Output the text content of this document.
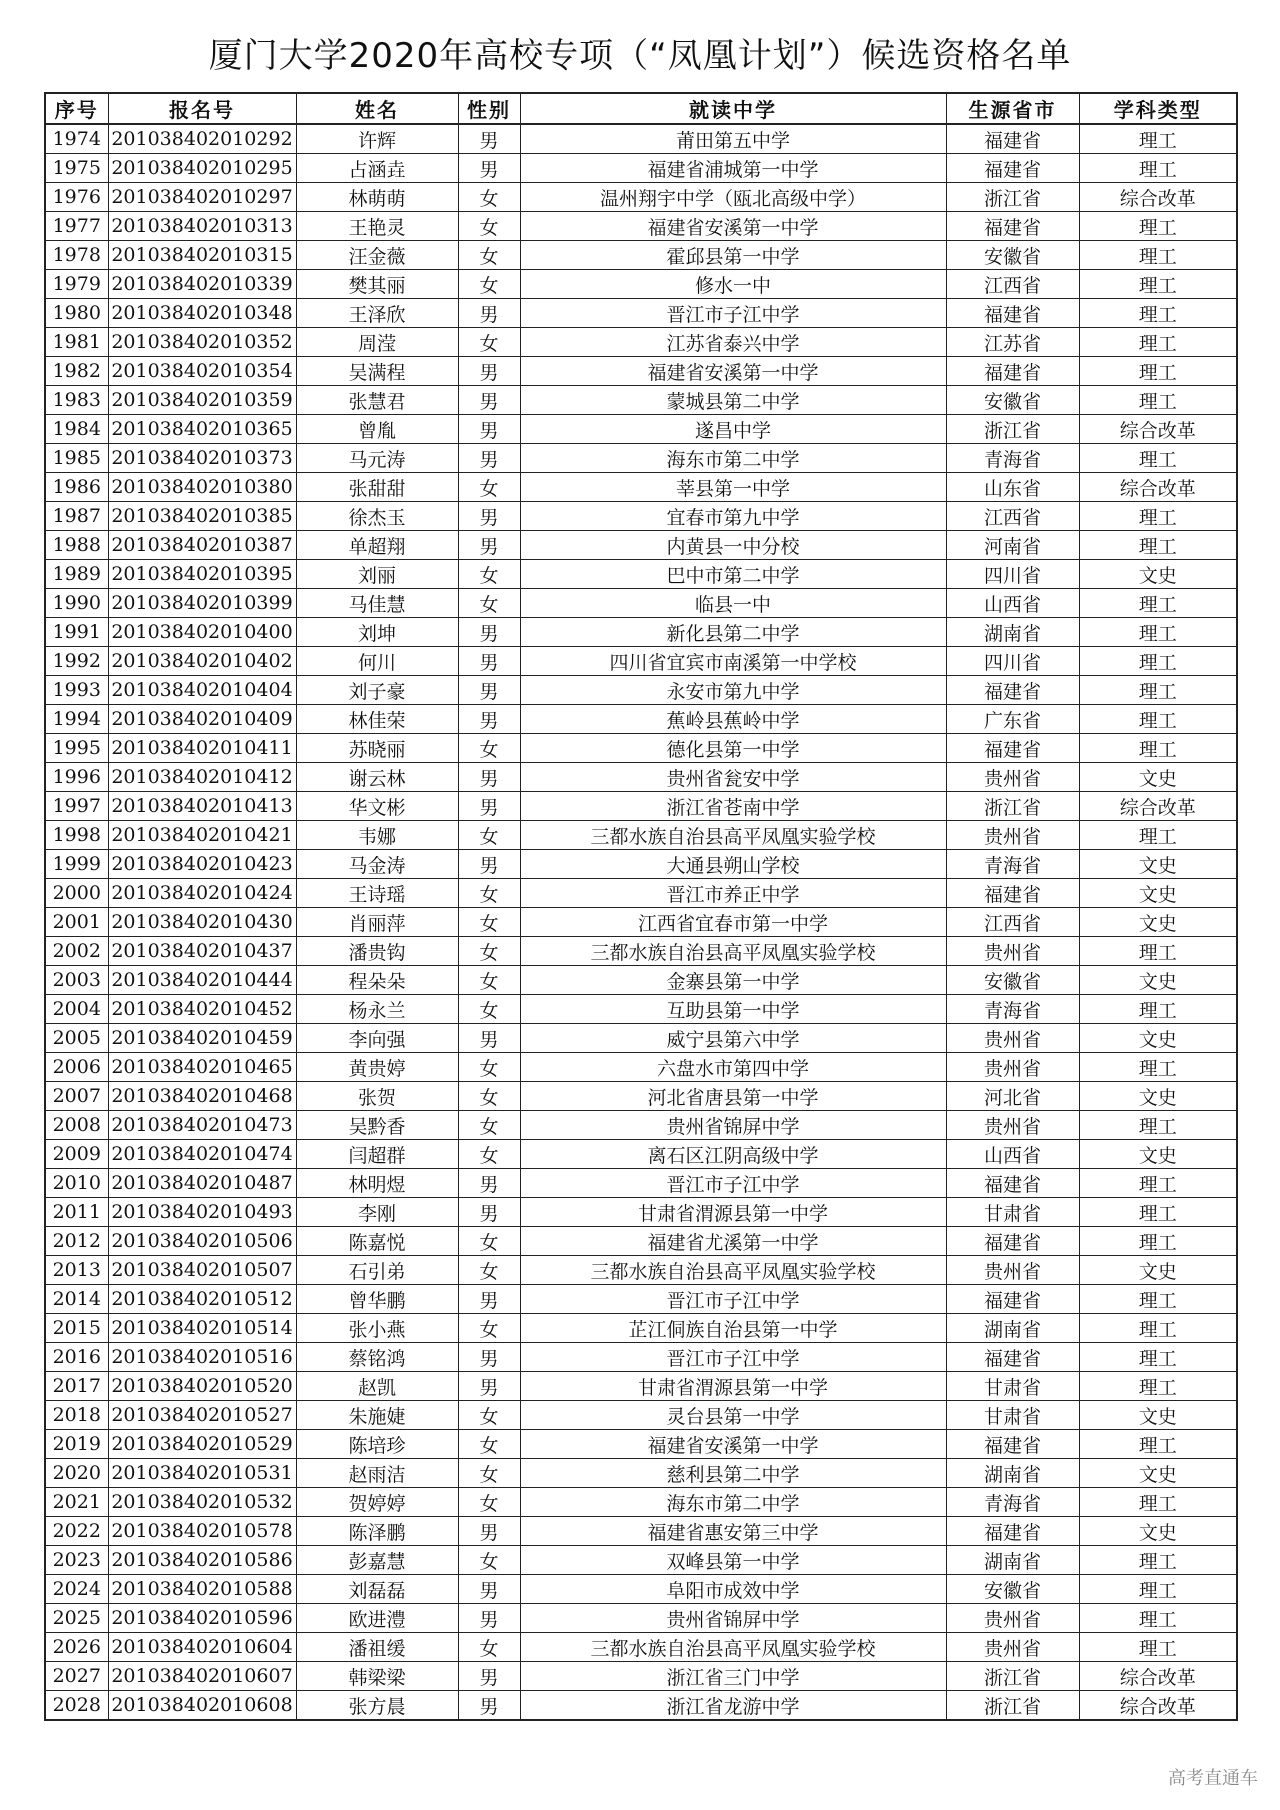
厦门大学2020年高校专项（“凤凰计划”）候选资格名单
序号	报名号	姓名	性别	就读中学	生源省市	学科类型
1974	201038402010292	许辉	男	莆田第五中学	福建省	理工
1975	201038402010295	占涵垚	男	福建省浦城第一中学	福建省	理工
1976	201038402010297	林萌萌	女	温州翔宇中学（瓯北高级中学）	浙江省	综合改革
1977	201038402010313	王艳灵	女	福建省安溪第一中学	福建省	理工
1978	201038402010315	汪金薇	女	霍邱县第一中学	安徽省	理工
1979	201038402010339	樊其丽	女	修水一中	江西省	理工
1980	201038402010348	王泽欣	男	晋江市子江中学	福建省	理工
1981	201038402010352	周滢	女	江苏省泰兴中学	江苏省	理工
1982	201038402010354	吴满程	男	福建省安溪第一中学	福建省	理工
1983	201038402010359	张慧君	男	蒙城县第二中学	安徽省	理工
1984	201038402010365	曾胤	男	遂昌中学	浙江省	综合改革
1985	201038402010373	马元涛	男	海东市第二中学	青海省	理工
1986	201038402010380	张甜甜	女	莘县第一中学	山东省	综合改革
1987	201038402010385	徐杰玉	男	宜春市第九中学	江西省	理工
1988	201038402010387	单超翔	男	内黄县一中分校	河南省	理工
1989	201038402010395	刘丽	女	巴中市第二中学	四川省	文史
1990	201038402010399	马佳慧	女	临县一中	山西省	理工
1991	201038402010400	刘坤	男	新化县第二中学	湖南省	理工
1992	201038402010402	何川	男	四川省宜宾市南溪第一中学校	四川省	理工
1993	201038402010404	刘子豪	男	永安市第九中学	福建省	理工
1994	201038402010409	林佳荣	男	蕉岭县蕉岭中学	广东省	理工
1995	201038402010411	苏晓丽	女	德化县第一中学	福建省	理工
1996	201038402010412	谢云林	男	贵州省瓮安中学	贵州省	文史
1997	201038402010413	华文彬	男	浙江省苍南中学	浙江省	综合改革
1998	201038402010421	韦娜	女	三都水族自治县高平凤凰实验学校	贵州省	理工
1999	201038402010423	马金涛	男	大通县朔山学校	青海省	文史
2000	201038402010424	王诗瑶	女	晋江市养正中学	福建省	文史
2001	201038402010430	肖丽萍	女	江西省宜春市第一中学	江西省	文史
2002	201038402010437	潘贵钩	女	三都水族自治县高平凤凰实验学校	贵州省	理工
2003	201038402010444	程朵朵	女	金寨县第一中学	安徽省	文史
2004	201038402010452	杨永兰	女	互助县第一中学	青海省	理工
2005	201038402010459	李向强	男	威宁县第六中学	贵州省	文史
2006	201038402010465	黄贵婷	女	六盘水市第四中学	贵州省	理工
2007	201038402010468	张贺	女	河北省唐县第一中学	河北省	文史
2008	201038402010473	吴黔香	女	贵州省锦屏中学	贵州省	理工
2009	201038402010474	闫超群	女	离石区江阴高级中学	山西省	文史
2010	201038402010487	林明煜	男	晋江市子江中学	福建省	理工
2011	201038402010493	李刚	男	甘肃省渭源县第一中学	甘肃省	理工
2012	201038402010506	陈嘉悦	女	福建省尤溪第一中学	福建省	理工
2013	201038402010507	石引弟	女	三都水族自治县高平凤凰实验学校	贵州省	文史
2014	201038402010512	曾华鹏	男	晋江市子江中学	福建省	理工
2015	201038402010514	张小燕	女	芷江侗族自治县第一中学	湖南省	理工
2016	201038402010516	蔡铭鸿	男	晋江市子江中学	福建省	理工
2017	201038402010520	赵凯	男	甘肃省渭源县第一中学	甘肃省	理工
2018	201038402010527	朱施婕	女	灵台县第一中学	甘肃省	文史
2019	201038402010529	陈培珍	女	福建省安溪第一中学	福建省	理工
2020	201038402010531	赵雨洁	女	慈利县第二中学	湖南省	文史
2021	201038402010532	贺婷婷	女	海东市第二中学	青海省	理工
2022	201038402010578	陈泽鹏	男	福建省惠安第三中学	福建省	文史
2023	201038402010586	彭嘉慧	女	双峰县第一中学	湖南省	理工
2024	201038402010588	刘磊磊	男	阜阳市成效中学	安徽省	理工
2025	201038402010596	欧进澧	男	贵州省锦屏中学	贵州省	理工
2026	201038402010604	潘祖缓	女	三都水族自治县高平凤凰实验学校	贵州省	理工
2027	201038402010607	韩梁梁	男	浙江省三门中学	浙江省	综合改革
2028	201038402010608	张方晨	男	浙江省龙游中学	浙江省	综合改革
高考直通车
